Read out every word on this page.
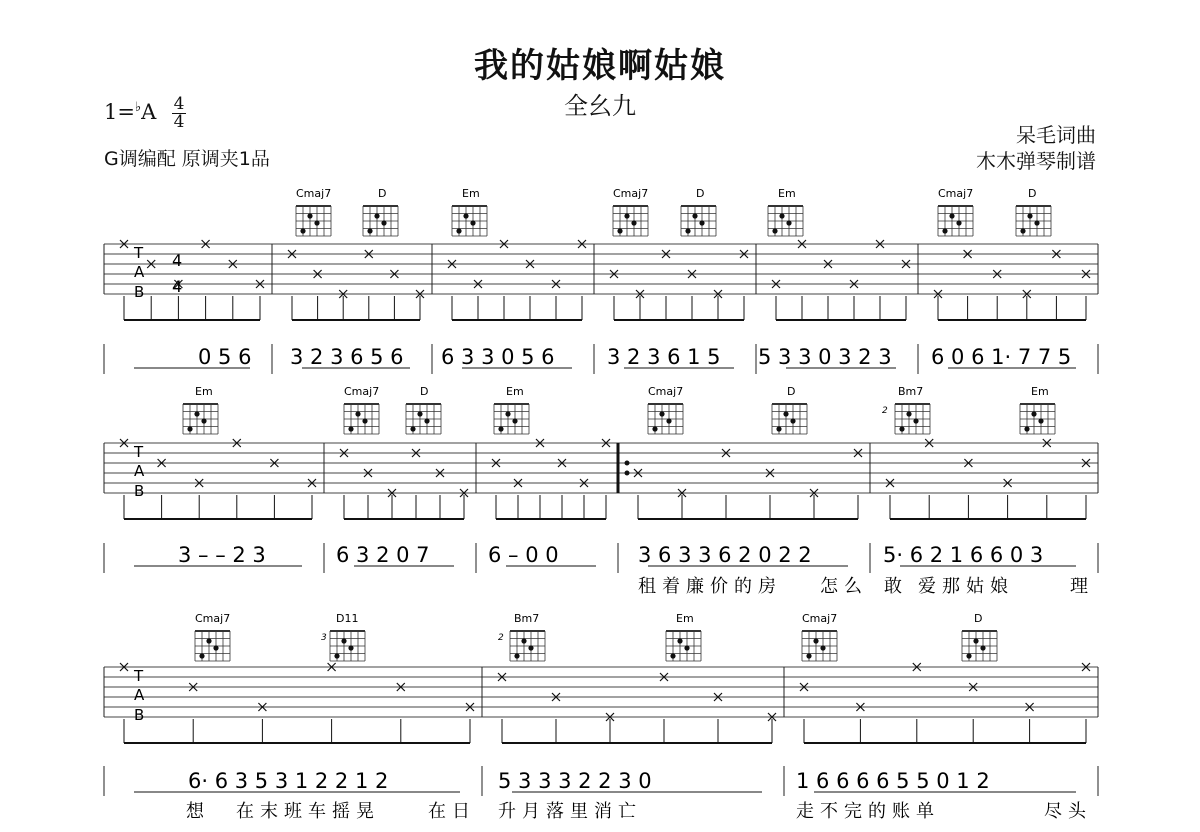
我的姑娘啊姑娘
全幺九
1=♭A 4
4
G调编配 原调夹1品
呆毛词曲
木木弹琴制谱
T
A
B
T
A
B
T
A
B
4
4
Cmaj7	D	Em	Cmaj7	D	Em	Cmaj7	D
Em	Cmaj7	D	Em	Cmaj7	D	Bm7	Em
Cmaj7	D11	Bm7	Em	Cmaj7	D
2
3	2
0 5 6 3 2 3 6 5 6 6 3 3 0 5 6 3 2 3 6 1 5 5 3 3 0 3 2 3 6 0 6 1· 7 7 5
3 – – 2 3	6 3 2 0 7	6 – 0 0	3 6 3 3 6 2 0 2 2	5· 6 2 1 6 6 0 3
6· 6 3 5 3 1 2 2 1 2	5 3 3 3 2 2 3 0	1 6 6 6 6 5 5 0 1 2
租着廉价的房 怎么 敢 爱那姑娘	理
想 在末班车摇晃	在日 升月落里消亡	走不完的账单	尽头
